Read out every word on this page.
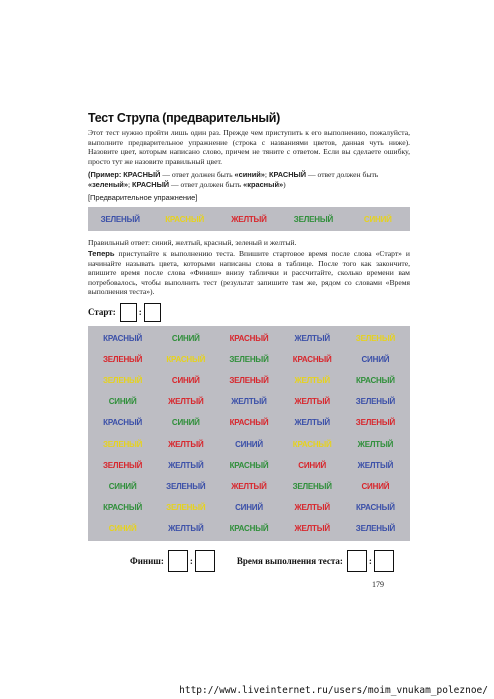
Тест Струпа (предварительный)

Этот тест нужно пройти лишь один раз. Прежде чем приступить к его выполнению, пожалуйста, выполните предварительное упражнение (строка с названиями цветов, данная чуть ниже). Назовите цвет, которым написано слово, причем не тяните с ответом. Если вы сделаете ошибку, просто тут же назовите правильный цвет.

(Пример: КРАСНЫЙ — ответ должен быть «синий»; КРАСНЫЙ — ответ должен быть «зеленый»; КРАСНЫЙ — ответ должен быть «красный»)

[Предварительное упражнение]
ЗЕЛЕНЫЙ	КРАСНЫЙ	ЖЕЛТЫЙ	ЗЕЛЕНЫЙ	СИНИЙ
Правильный ответ: синий, желтый, красный, зеленый и желтый.

Теперь приступайте к выполнению теста. Впишите стартовое время после слова «Старт» и начинайте называть цвета, которыми написаны слова в таблице. После того как закончите, впишите время после слова «Финиш» внизу таблички и рассчитайте, сколько времени вам потребовалось, чтобы выполнить тест (результат запишите там же, рядом со словами «Время выполнения теста»).

Старт:	:
КРАСНЫЙ	СИНИЙ	КРАСНЫЙ	ЖЕЛТЫЙ	ЗЕЛЕНЫЙ
ЗЕЛЕНЫЙ	КРАСНЫЙ	ЗЕЛЕНЫЙ	КРАСНЫЙ	СИНИЙ
ЗЕЛЕНЫЙ	СИНИЙ	ЗЕЛЕНЫЙ	ЖЕЛТЫЙ	КРАСНЫЙ
СИНИЙ	ЖЕЛТЫЙ	ЖЕЛТЫЙ	ЖЕЛТЫЙ	ЗЕЛЕНЫЙ
КРАСНЫЙ	СИНИЙ	КРАСНЫЙ	ЖЕЛТЫЙ	ЗЕЛЕНЫЙ
ЗЕЛЕНЫЙ	ЖЕЛТЫЙ	СИНИЙ	КРАСНЫЙ	ЖЕЛТЫЙ
ЗЕЛЕНЫЙ	ЖЕЛТЫЙ	КРАСНЫЙ	СИНИЙ	ЖЕЛТЫЙ
СИНИЙ	ЗЕЛЕНЫЙ	ЖЕЛТЫЙ	ЗЕЛЕНЫЙ	СИНИЙ
КРАСНЫЙ	ЗЕЛЕНЫЙ	СИНИЙ	ЖЕЛТЫЙ	КРАСНЫЙ
СИНИЙ	ЖЕЛТЫЙ	КРАСНЫЙ	ЖЕЛТЫЙ	ЗЕЛЕНЫЙ
Финиш:	:	Время выполнения теста:	:
179
http://www.liveinternet.ru/users/moim_vnukam_poleznoe/
